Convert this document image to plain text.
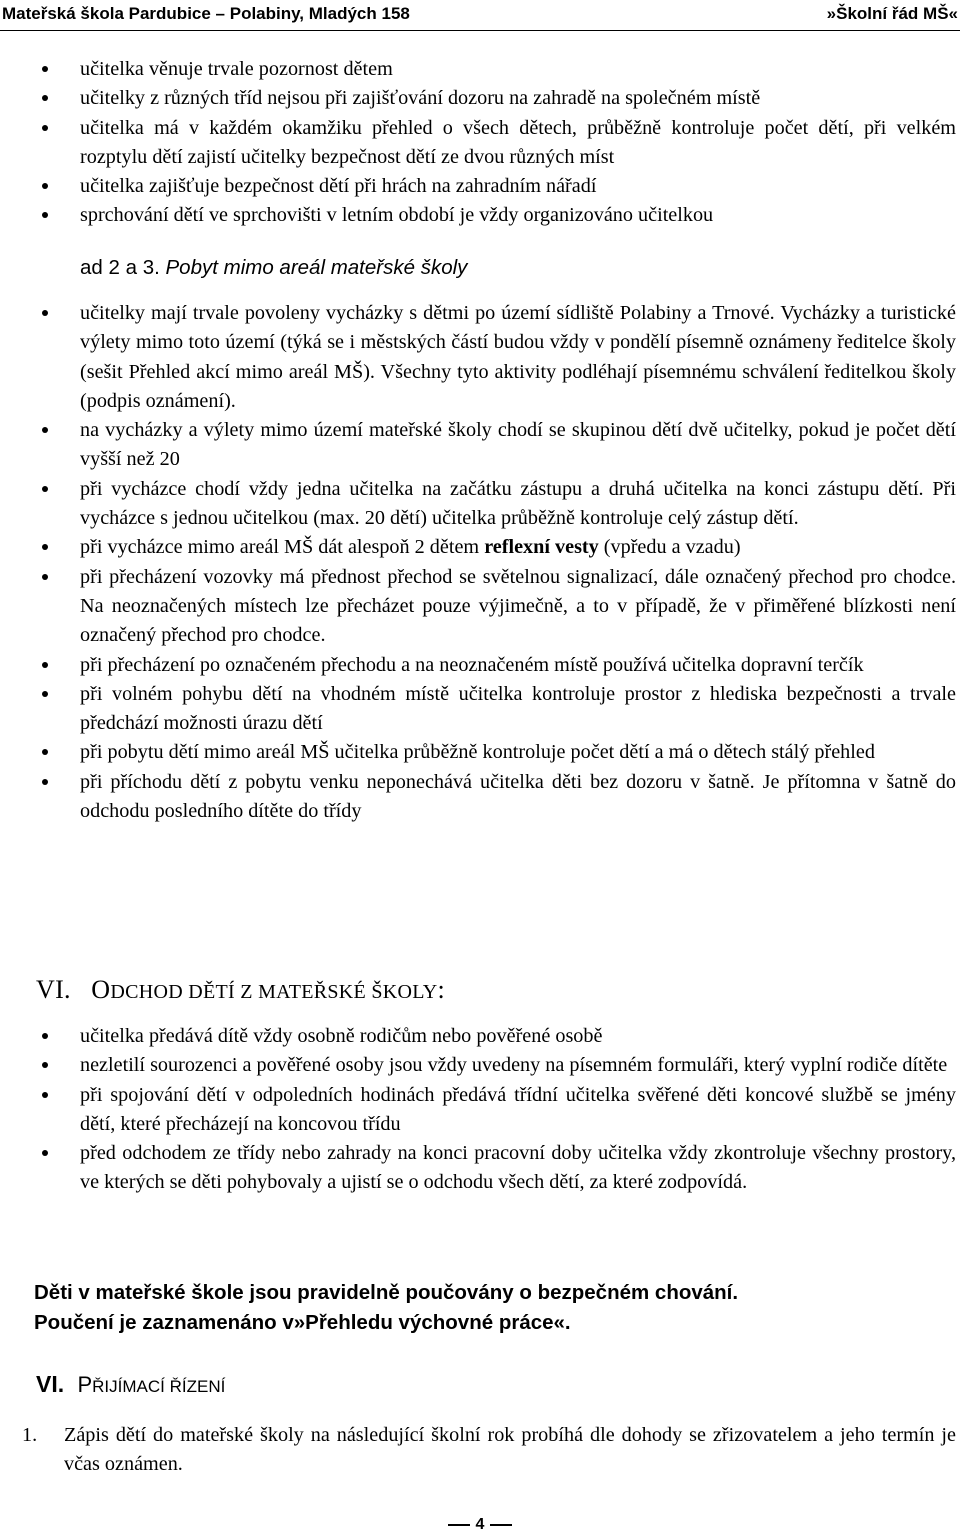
Mateřská škola Pardubice – Polabiny, Mladých 158	»Školní řád MŠ«
učitelka věnuje trvale pozornost dětem
učitelky z různých tříd nejsou při zajišťování dozoru na zahradě na společném místě
učitelka má v každém okamžiku přehled o všech dětech, průběžně kontroluje počet dětí, při velkém rozptylu dětí zajistí učitelky bezpečnost dětí ze dvou různých míst
učitelka zajišťuje bezpečnost dětí při hrách na zahradním nářadí
sprchování dětí ve sprchovišti v letním období je vždy organizováno učitelkou
ad 2 a 3. Pobyt mimo areál mateřské školy
učitelky mají trvale povoleny vycházky s dětmi po území sídliště Polabiny a Trnové. Vycházky a turistické výlety mimo toto území (týká se i městských částí budou vždy v pondělí písemně oznámeny ředitelce školy (sešit Přehled akcí mimo areál MŠ). Všechny tyto aktivity podléhají písemnému schválení ředitelkou školy (podpis oznámení).
na vycházky a výlety mimo území mateřské školy chodí se skupinou dětí dvě učitelky, pokud je počet dětí vyšší než 20
při vycházce chodí vždy jedna učitelka na začátku zástupu a druhá učitelka na konci zástupu dětí. Při vycházce s jednou učitelkou (max. 20 dětí) učitelka průběžně kontroluje celý zástup dětí.
při vycházce mimo areál MŠ dát alespoň 2 dětem reflexní vesty (vpředu a vzadu)
při přecházení vozovky má přednost přechod se světelnou signalizací, dále označený přechod pro chodce. Na neoznačených místech lze přecházet pouze výjimečně, a to v případě, že v přiměřené blízkosti není označený přechod pro chodce.
při přecházení po označeném přechodu a na neoznačeném místě používá učitelka dopravní terčík
při volném pohybu dětí na vhodném místě učitelka kontroluje prostor z hlediska bezpečnosti a trvale předchází možnosti úrazu dětí
při pobytu dětí mimo areál MŠ učitelka průběžně kontroluje počet dětí a má o dětech stálý přehled
při příchodu dětí z pobytu venku neponechává učitelka děti bez dozoru v šatně. Je přítomna v šatně do odchodu posledního dítěte do třídy
VI. ODCHOD DĚTÍ Z MATEŘSKÉ ŠKOLY:
učitelka předává dítě vždy osobně rodičům nebo pověřené osobě
nezletilí sourozenci a pověřené osoby jsou vždy uvedeny na písemném formuláři, který vyplní rodiče dítěte
při spojování dětí v odpoledních hodinách předává třídní učitelka svěřené děti koncové službě se jmény dětí, které přecházejí na koncovou třídu
před odchodem ze třídy nebo zahrady na konci pracovní doby učitelka vždy zkontroluje všechny prostory, ve kterých se děti pohybovaly a ujistí se o odchodu všech dětí, za které zodpovídá.
Děti v mateřské škole jsou pravidelně poučovány o bezpečném chování.
Poučení je zaznamenáno v»Přehledu výchovné práce«.
VI. PŘIJÍMACÍ ŘÍZENÍ
1. Zápis dětí do mateřské školy na následující školní rok probíhá dle dohody se zřizovatelem a jeho termín je včas oznámen.
4
